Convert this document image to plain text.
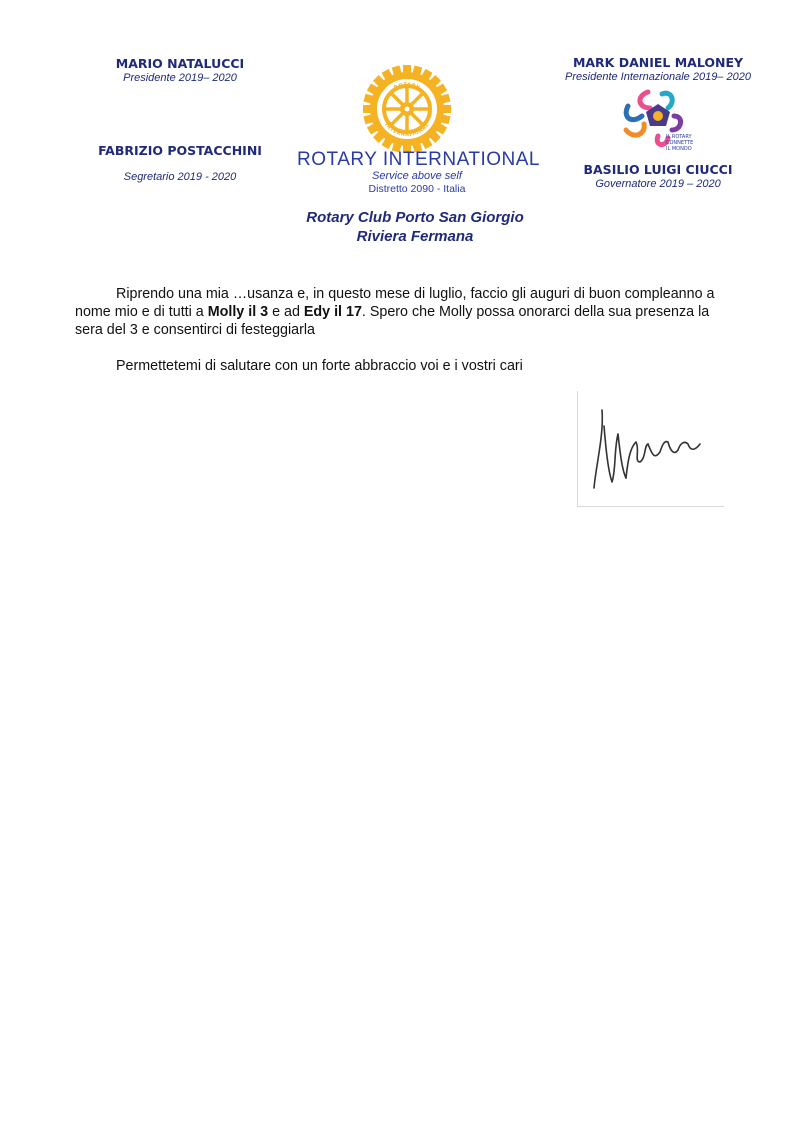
MARIO NATALUCCI
Presidente 2019– 2020
FABRIZIO POSTACCHINI
Segretario 2019 - 2020
MARK DANIEL MALONEY
Presidente Internazionale 2019– 2020
BASILIO LUIGI CIUCCI
Governatore 2019 – 2020
ROTARY
INTERNATIONAL
ROTARY INTERNATIONAL
Service above self
Distretto 2090 - Italia
IL ROTARY
CONNETTE
IL MONDO
Rotary Club Porto San Giorgio
Riviera Fermana

Riprendo una mia …usanza e, in questo mese di luglio, faccio gli auguri di buon compleanno a nome mio e di tutti a Molly il 3 e ad Edy il 17. Spero che Molly possa onorarci della sua presenza la sera del 3 e consentirci di festeggiarla

Permettetemi di salutare con un forte abbraccio voi e i vostri cari
